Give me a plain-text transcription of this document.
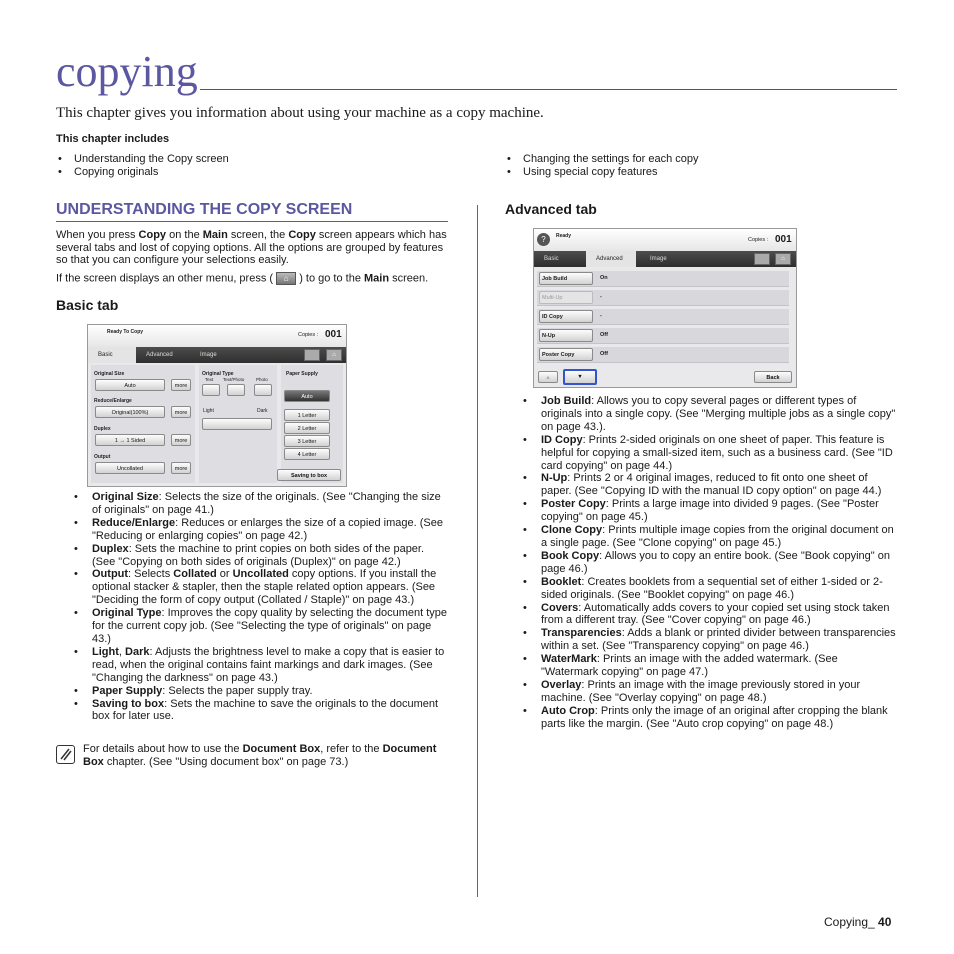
copying
This chapter gives you information about using your machine as a copy machine.
This chapter includes
• Understanding the Copy screen
• Copying originals
• Changing the settings for each copy
• Using special copy features
UNDERSTANDING THE COPY SCREEN
When you press Copy on the Main screen, the Copy screen appears which has several tabs and lost of copying options. All the options are grouped by features so that you can configure your selections easily.
If the screen displays an other menu, press ( ⌂ ) to go to the Main screen.
Basic tab
Ready To Copy	Copies : 001
Basic	Advanced	Image	⌂
Original Size
Auto	more
Reduce/Enlarge
Original(100%)	more
Duplex
1 → 1 Sided	more
Output
Uncollated	more
Original Type
Text Text/Photo	Photo
Light	Dark
Paper Supply
Auto
1 Letter
2 Letter
3 Letter
4 Letter
Saving to box
• Original Size: Selects the size of the originals. (See "Changing the size of originals" on page 41.)
• Reduce/Enlarge: Reduces or enlarges the size of a copied image. (See "Reducing or enlarging copies" on page 42.)
• Duplex: Sets the machine to print copies on both sides of the paper. (See "Copying on both sides of originals (Duplex)" on page 42.)
• Output: Selects Collated or Uncollated copy options. If you install the optional stacker & stapler, then the staple related option appears. (See "Deciding the form of copy output (Collated / Staple)" on page 43.)
• Original Type: Improves the copy quality by selecting the document type for the current copy job. (See "Selecting the type of originals" on page 43.)
• Light, Dark: Adjusts the brightness level to make a copy that is easier to read, when the original contains faint markings and dark images. (See "Changing the darkness" on page 43.)
• Paper Supply: Selects the paper supply tray.
• Saving to box: Sets the machine to save the originals to the document box for later use.
For details about how to use the Document Box, refer to the Document Box chapter. (See "Using document box" on page 73.)
Advanced tab
?	Ready
Copies : 001
Basic	Advanced	Image	⌂
Job Build	On
Multi-Up	-
ID Copy	-
N-Up	Off
Poster Copy	Off
▲	▼	Back
• Job Build: Allows you to copy several pages or different types of originals into a single copy. (See "Merging multiple jobs as a single copy" on page 43.).
• ID Copy: Prints 2-sided originals on one sheet of paper. This feature is helpful for copying a small-sized item, such as a business card. (See "ID card copying" on page 44.)
• N-Up: Prints 2 or 4 original images, reduced to fit onto one sheet of paper. (See "Copying ID with the manual ID copy option" on page 44.)
• Poster Copy: Prints a large image into divided 9 pages. (See "Poster copying" on page 45.)
• Clone Copy: Prints multiple image copies from the original document on a single page. (See "Clone copying" on page 45.)
• Book Copy: Allows you to copy an entire book. (See "Book copying" on page 46.)
• Booklet: Creates booklets from a sequential set of either 1-sided or 2-sided originals. (See "Booklet copying" on page 46.)
• Covers: Automatically adds covers to your copied set using stock taken from a different tray. (See "Cover copying" on page 46.)
• Transparencies: Adds a blank or printed divider between transparencies within a set. (See "Transparency copying" on page 46.)
• WaterMark: Prints an image with the added watermark. (See "Watermark copying" on page 47.)
• Overlay: Prints an image with the image previously stored in your machine. (See "Overlay copying" on page 48.)
• Auto Crop: Prints only the image of an original after cropping the blank parts like the margin. (See "Auto crop copying" on page 48.)
Copying_ 40
